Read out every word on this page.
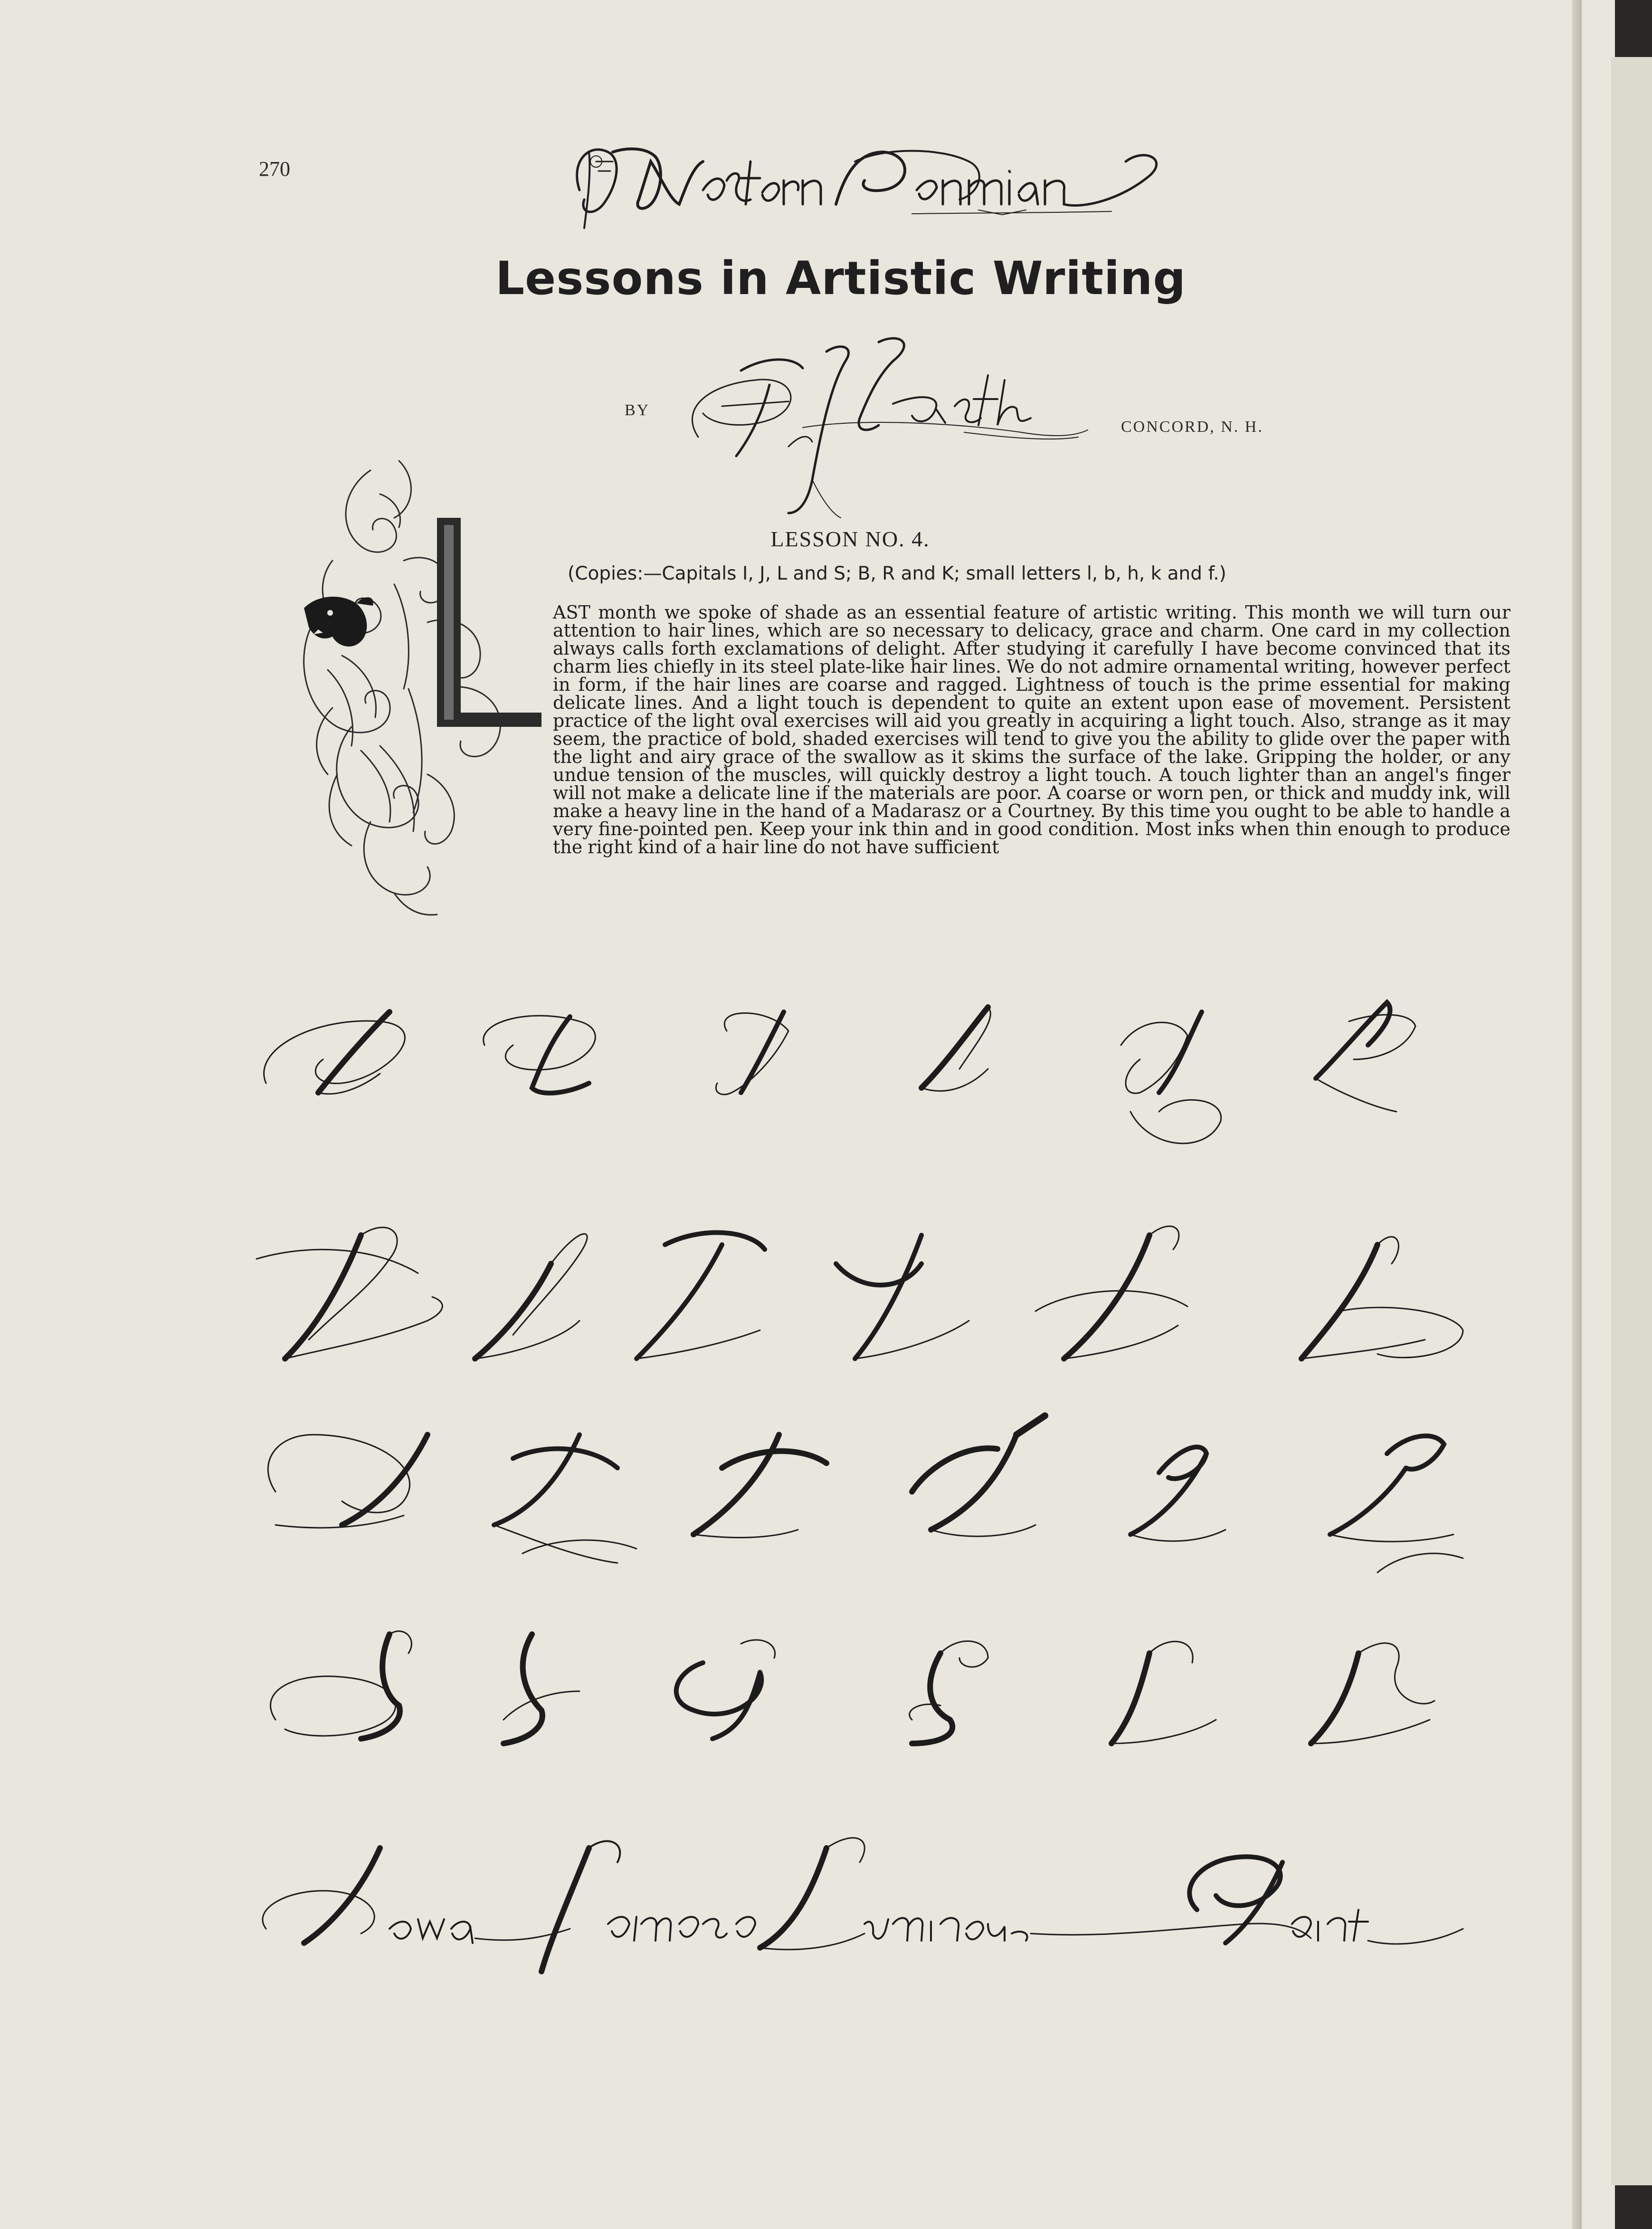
270
Lessons in Artistic Writing
BY
CONCORD, N. H.
LESSON NO. 4.
(Copies:—Capitals I, J, L and S; B, R and K; small letters l, b, h, k and f.)
AST month we spoke of shade as an essential feature of artistic writing. This month we will turn our attention to hair lines, which are so necessary to delicacy, grace and charm. One card in my collection always calls forth exclamations of delight. After studying it carefully I have become convinced that its charm lies chiefly in its steel plate-like hair lines. We do not admire ornamental writing, however perfect in form, if the hair lines are coarse and ragged. Lightness of touch is the prime essential for making delicate lines. And a light touch is dependent to quite an extent upon ease of movement. Persistent practice of the light oval exercises will aid you greatly in acquiring a light touch. Also, strange as it may seem, the practice of bold, shaded exercises will tend to give you the ability to glide over the paper with the light and airy grace of the swallow as it skims the surface of the lake. Gripping the holder, or any undue tension of the muscles, will quickly destroy a light touch. A touch lighter than an angel's finger will not make a delicate line if the materials are poor. A coarse or worn pen, or thick and muddy ink, will make a heavy line in the hand of a Madarasz or a Courtney. By this time you ought to be able to handle a very fine-pointed pen. Keep your ink thin and in good condition. Most inks when thin enough to produce the right kind of a hair line do not have sufficient
